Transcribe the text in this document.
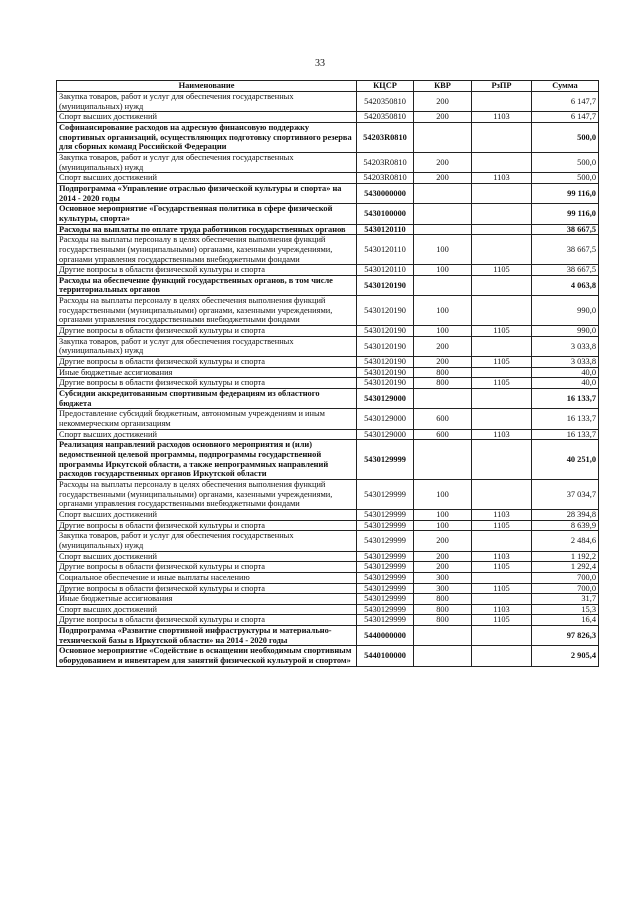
33
Наименование	КЦСР	КВР	РзПР	Сумма
Закупка товаров, работ и услуг для обеспечения государственных (муниципальных) нужд	5420350810	200		6 147,7
Спорт высших достижений	5420350810	200	1103	6 147,7
Софинансирование расходов на адресную финансовую поддержку спортивных организаций, осуществляющих подготовку спортивного резерва для сборных команд Российской Федерации	54203R0810			500,0
Закупка товаров, работ и услуг для обеспечения государственных (муниципальных) нужд	54203R0810	200		500,0
Спорт высших достижений	54203R0810	200	1103	500,0
Подпрограмма «Управление отраслью физической культуры и спорта» на 2014 - 2020 годы	5430000000			99 116,0
Основное мероприятие «Государственная политика в сфере физической культуры, спорта»	5430100000			99 116,0
Расходы на выплаты по оплате труда работников государственных органов	5430120110			38 667,5
Расходы на выплаты персоналу в целях обеспечения выполнения функций государственными (муниципальными) органами, казенными учреждениями, органами управления государственными внебюджетными фондами	5430120110	100		38 667,5
Другие вопросы в области физической культуры и спорта	5430120110	100	1105	38 667,5
Расходы на обеспечение функций государственных органов, в том числе территориальных органов	5430120190			4 063,8
Расходы на выплаты персоналу в целях обеспечения выполнения функций государственными (муниципальными) органами, казенными учреждениями, органами управления государственными внебюджетными фондами	5430120190	100		990,0
Другие вопросы в области физической культуры и спорта	5430120190	100	1105	990,0
Закупка товаров, работ и услуг для обеспечения государственных (муниципальных) нужд	5430120190	200		3 033,8
Другие вопросы в области физической культуры и спорта	5430120190	200	1105	3 033,8
Иные бюджетные ассигнования	5430120190	800		40,0
Другие вопросы в области физической культуры и спорта	5430120190	800	1105	40,0
Субсидии аккредитованным спортивным федерациям из областного бюджета	5430129000			16 133,7
Предоставление субсидий бюджетным, автономным учреждениям и иным некоммерческим организациям	5430129000	600		16 133,7
Спорт высших достижений	5430129000	600	1103	16 133,7
Реализация направлений расходов основного мероприятия и (или) ведомственной целевой программы, подпрограммы государственной программы Иркутской области, а также непрограммных направлений расходов государственных органов Иркутской области	5430129999			40 251,0
Расходы на выплаты персоналу в целях обеспечения выполнения функций государственными (муниципальными) органами, казенными учреждениями, органами управления государственными внебюджетными фондами	5430129999	100		37 034,7
Спорт высших достижений	5430129999	100	1103	28 394,8
Другие вопросы в области физической культуры и спорта	5430129999	100	1105	8 639,9
Закупка товаров, работ и услуг для обеспечения государственных (муниципальных) нужд	5430129999	200		2 484,6
Спорт высших достижений	5430129999	200	1103	1 192,2
Другие вопросы в области физической культуры и спорта	5430129999	200	1105	1 292,4
Социальное обеспечение и иные выплаты населению	5430129999	300		700,0
Другие вопросы в области физической культуры и спорта	5430129999	300	1105	700,0
Иные бюджетные ассигнования	5430129999	800		31,7
Спорт высших достижений	5430129999	800	1103	15,3
Другие вопросы в области физической культуры и спорта	5430129999	800	1105	16,4
Подпрограмма «Развитие спортивной инфраструктуры и материально- технической базы в Иркутской области» на 2014 - 2020 годы	5440000000			97 826,3
Основное мероприятие «Содействие в оснащении необходимым спортивным оборудованием и инвентарем для занятий физической культурой и спортом»	5440100000			2 905,4
